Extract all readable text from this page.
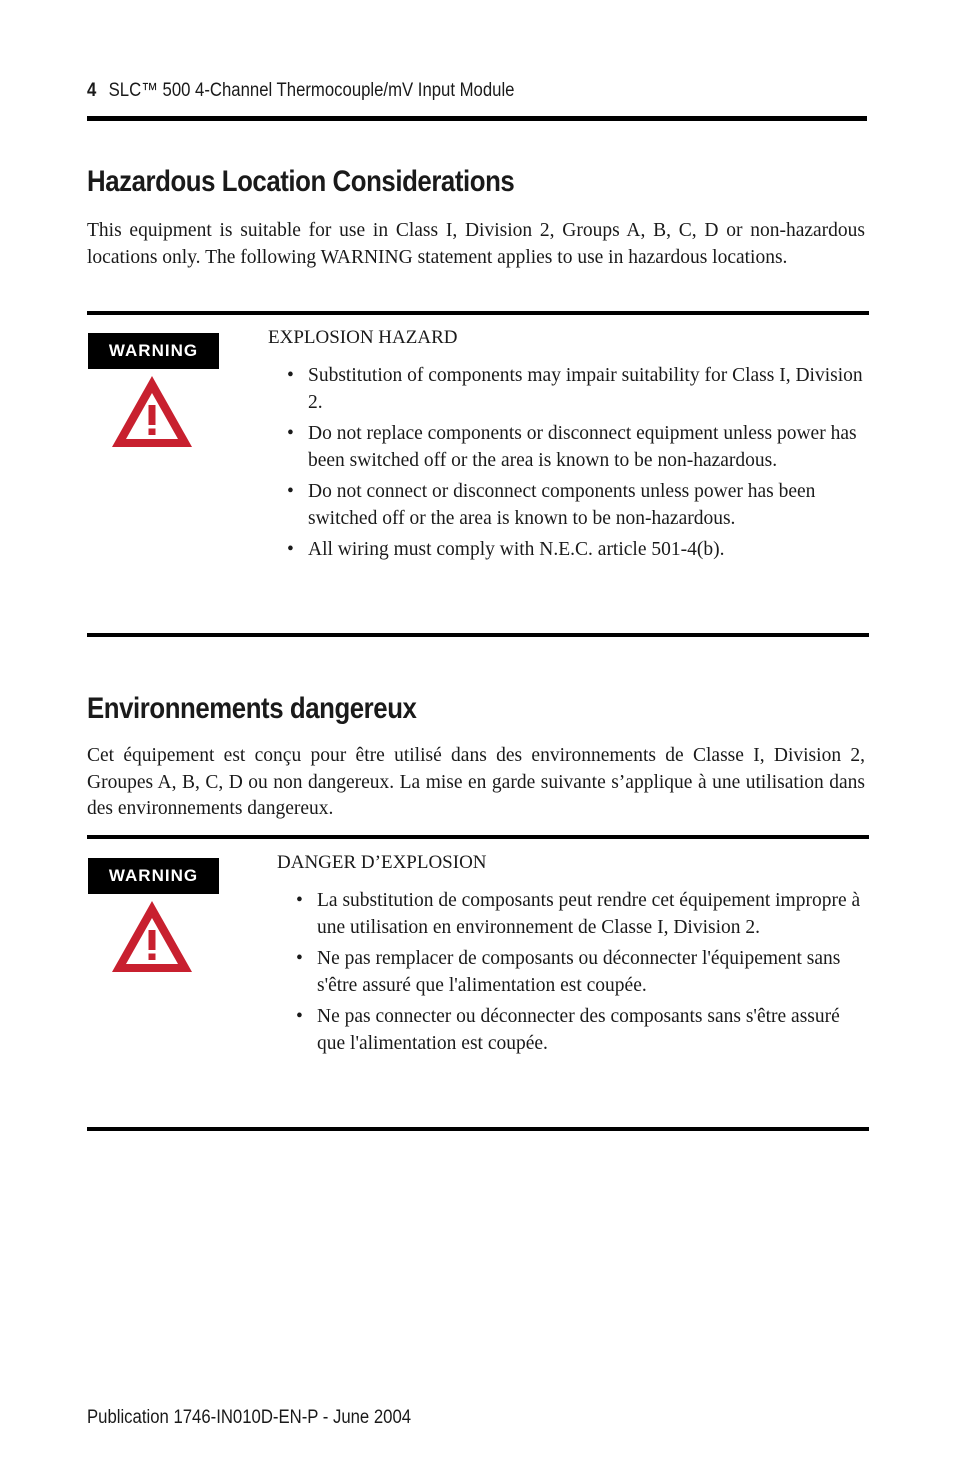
4 SLC™ 500 4-Channel Thermocouple/mV Input Module
Hazardous Location Considerations

This equipment is suitable for use in Class I, Division 2, Groups A, B, C, D or non-hazardous locations only. The following WARNING statement applies to use in hazardous locations.

WARNING

EXPLOSION HAZARD

• Substitution of components may impair suitability for Class I, Division 2.
• Do not replace components or disconnect equipment unless power has been switched off or the area is known to be non-hazardous.
• Do not connect or disconnect components unless power has been switched off or the area is known to be non-hazardous.
• All wiring must comply with N.E.C. article 501-4(b).
Environnements dangereux

Cet équipement est conçu pour être utilisé dans des environnements de Classe I, Division 2, Groupes A, B, C, D ou non dangereux. La mise en garde suivante s’applique à une utilisation dans des environnements dangereux.

WARNING

DANGER D’EXPLOSION

• La substitution de composants peut rendre cet équipement impropre à une utilisation en environnement de Classe I, Division 2.
• Ne pas remplacer de composants ou déconnecter l'équipement sans s'être assuré que l'alimentation est coupée.
• Ne pas connecter ou déconnecter des composants sans s'être assuré que l'alimentation est coupée.
Publication 1746-IN010D-EN-P - June 2004
